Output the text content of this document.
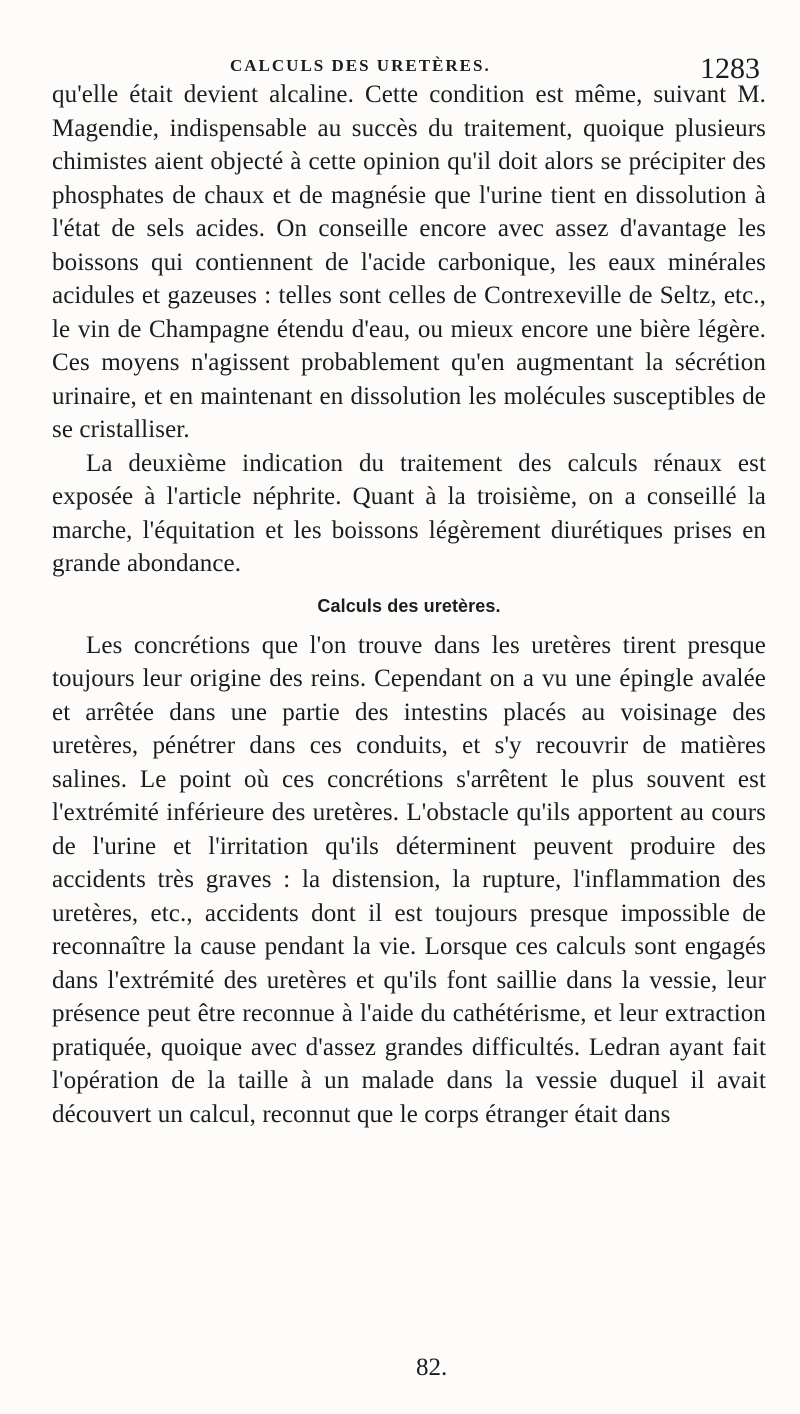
CALCULS DES URETÈRES.	1283

qu'elle était devient alcaline. Cette condition est même, suivant M. Magendie, indispensable au succès du traitement, quoique plusieurs chimistes aient objecté à cette opinion qu'il doit alors se précipiter des phosphates de chaux et de magnésie que l'urine tient en dissolution à l'état de sels acides. On conseille encore avec assez d'avantage les boissons qui contiennent de l'acide carbonique, les eaux minérales acidules et gazeuses : telles sont celles de Contrexeville de Seltz, etc., le vin de Champagne étendu d'eau, ou mieux encore une bière légère. Ces moyens n'agissent probablement qu'en augmentant la sécrétion urinaire, et en maintenant en dissolution les molécules susceptibles de se cristalliser.

La deuxième indication du traitement des calculs rénaux est exposée à l'article néphrite. Quant à la troisième, on a conseillé la marche, l'équitation et les boissons légèrement diurétiques prises en grande abondance.

Calculs des uretères.

Les concrétions que l'on trouve dans les uretères tirent presque toujours leur origine des reins. Cependant on a vu une épingle avalée et arrêtée dans une partie des intestins placés au voisinage des uretères, pénétrer dans ces conduits, et s'y recouvrir de matières salines. Le point où ces concrétions s'arrêtent le plus souvent est l'extrémité inférieure des uretères. L'obstacle qu'ils apportent au cours de l'urine et l'irritation qu'ils déterminent peuvent produire des accidents très graves : la distension, la rupture, l'inflammation des uretères, etc., accidents dont il est toujours presque impossible de reconnaître la cause pendant la vie. Lorsque ces calculs sont engagés dans l'extrémité des uretères et qu'ils font saillie dans la vessie, leur présence peut être reconnue à l'aide du cathétérisme, et leur extraction pratiquée, quoique avec d'assez grandes difficultés. Ledran ayant fait l'opération de la taille à un malade dans la vessie duquel il avait découvert un calcul, reconnut que le corps étranger était dans

82.
